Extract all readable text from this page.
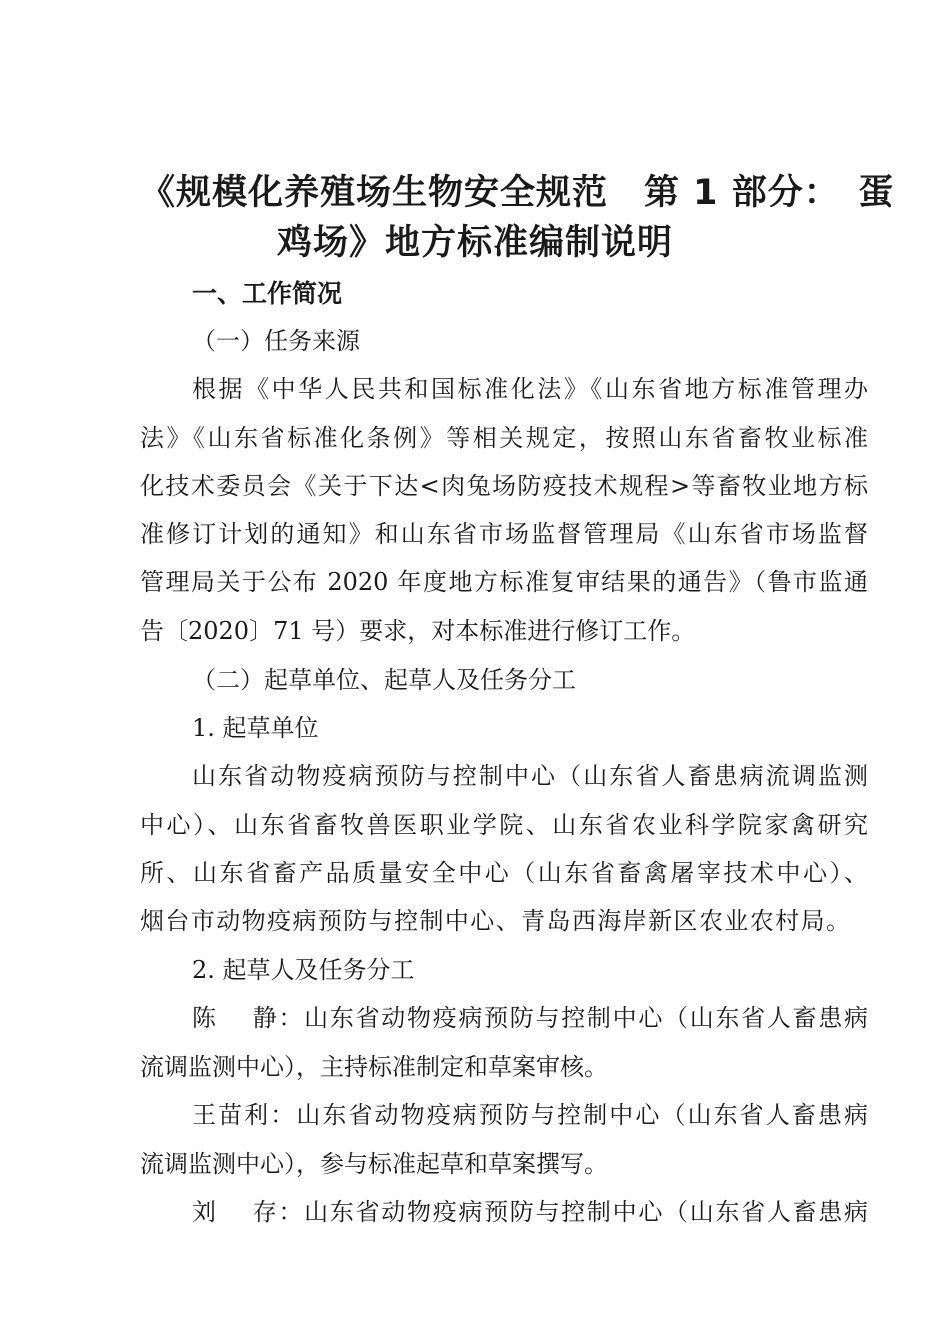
《规模化养殖场生物安全规范　第 1 部分：　蛋
鸡场》地方标准编制说明
一、工作简况
（一）任务来源
根据《中华人民共和国标准化法》《山东省地方标准管理办
法》《山东省标准化条例》等相关规定，按照山东省畜牧业标准
化技术委员会《关于下达<肉兔场防疫技术规程>等畜牧业地方标
准修订计划的通知》和山东省市场监督管理局《山东省市场监督
管理局关于公布 2020 年度地方标准复审结果的通告》（鲁市监通
告〔2020〕71 号）要求，对本标准进行修订工作。
（二）起草单位、起草人及任务分工
1. 起草单位
山东省动物疫病预防与控制中心（山东省人畜患病流调监测
中心）、山东省畜牧兽医职业学院、山东省农业科学院家禽研究
所、山东省畜产品质量安全中心（山东省畜禽屠宰技术中心）、
烟台市动物疫病预防与控制中心、青岛西海岸新区农业农村局。
2. 起草人及任务分工
陈　 静：山东省动物疫病预防与控制中心（山东省人畜患病
流调监测中心），主持标准制定和草案审核。
王苗利：山东省动物疫病预防与控制中心（山东省人畜患病
流调监测中心），参与标准起草和草案撰写。
刘　 存：山东省动物疫病预防与控制中心（山东省人畜患病
